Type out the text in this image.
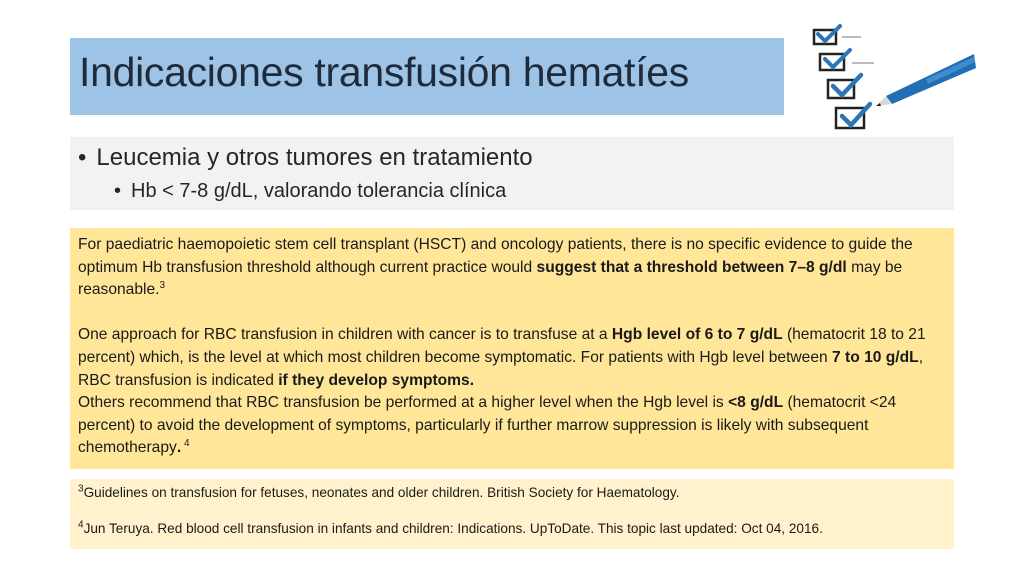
Indicaciones transfusión hematíes
• Leucemia y otros tumores en tratamiento
• Hb < 7-8 g/dL, valorando tolerancia clínica

For paediatric haemopoietic stem cell transplant (HSCT) and oncology patients, there is no specific evidence to guide the optimum Hb transfusion threshold although current practice would suggest that a threshold between 7–8 g/dl may be reasonable.$^3$

One approach for RBC transfusion in children with cancer is to transfuse at a Hgb level of 6 to 7 g/dL (hematocrit 18 to 21 percent) which, is the level at which most children become symptomatic. For patients with Hgb level between 7 to 10 g/dL, RBC transfusion is indicated if they develop symptoms.

Others recommend that RBC transfusion be performed at a higher level when the Hgb level is <8 g/dL (hematocrit <24 percent) to avoid the development of symptoms, particularly if further marrow suppression is likely with subsequent chemotherapy. $^4$

$^3$Guidelines on transfusion for fetuses, neonates and older children. British Society for Haematology.

$^4$Jun Teruya. Red blood cell transfusion in infants and children: Indications. UpToDate. This topic last updated: Oct 04, 2016.
